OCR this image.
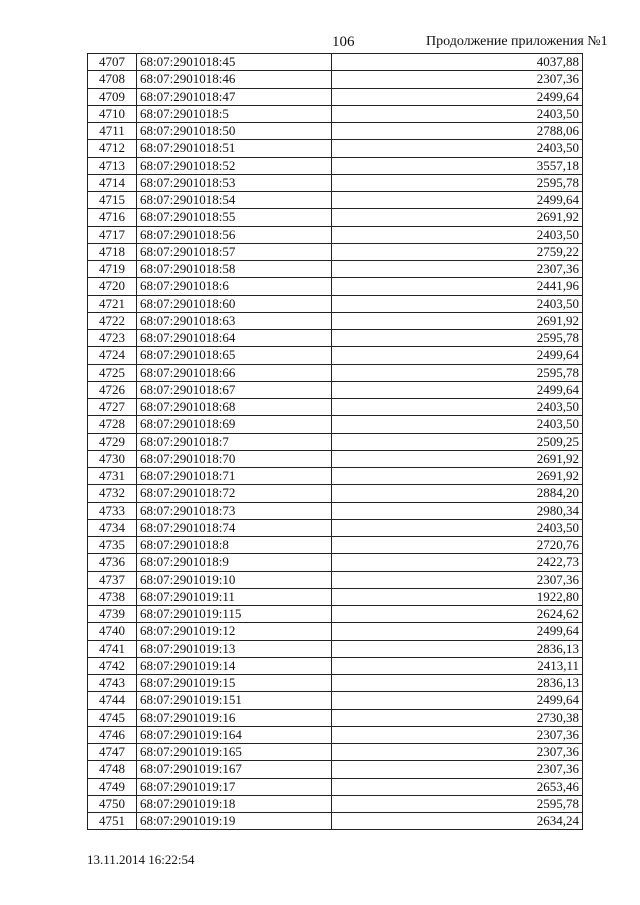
106	Продолжение приложения №1
4707	68:07:2901018:45	4037,88
4708	68:07:2901018:46	2307,36
4709	68:07:2901018:47	2499,64
4710	68:07:2901018:5	2403,50
4711	68:07:2901018:50	2788,06
4712	68:07:2901018:51	2403,50
4713	68:07:2901018:52	3557,18
4714	68:07:2901018:53	2595,78
4715	68:07:2901018:54	2499,64
4716	68:07:2901018:55	2691,92
4717	68:07:2901018:56	2403,50
4718	68:07:2901018:57	2759,22
4719	68:07:2901018:58	2307,36
4720	68:07:2901018:6	2441,96
4721	68:07:2901018:60	2403,50
4722	68:07:2901018:63	2691,92
4723	68:07:2901018:64	2595,78
4724	68:07:2901018:65	2499,64
4725	68:07:2901018:66	2595,78
4726	68:07:2901018:67	2499,64
4727	68:07:2901018:68	2403,50
4728	68:07:2901018:69	2403,50
4729	68:07:2901018:7	2509,25
4730	68:07:2901018:70	2691,92
4731	68:07:2901018:71	2691,92
4732	68:07:2901018:72	2884,20
4733	68:07:2901018:73	2980,34
4734	68:07:2901018:74	2403,50
4735	68:07:2901018:8	2720,76
4736	68:07:2901018:9	2422,73
4737	68:07:2901019:10	2307,36
4738	68:07:2901019:11	1922,80
4739	68:07:2901019:115	2624,62
4740	68:07:2901019:12	2499,64
4741	68:07:2901019:13	2836,13
4742	68:07:2901019:14	2413,11
4743	68:07:2901019:15	2836,13
4744	68:07:2901019:151	2499,64
4745	68:07:2901019:16	2730,38
4746	68:07:2901019:164	2307,36
4747	68:07:2901019:165	2307,36
4748	68:07:2901019:167	2307,36
4749	68:07:2901019:17	2653,46
4750	68:07:2901019:18	2595,78
4751	68:07:2901019:19	2634,24
13.11.2014 16:22:54
